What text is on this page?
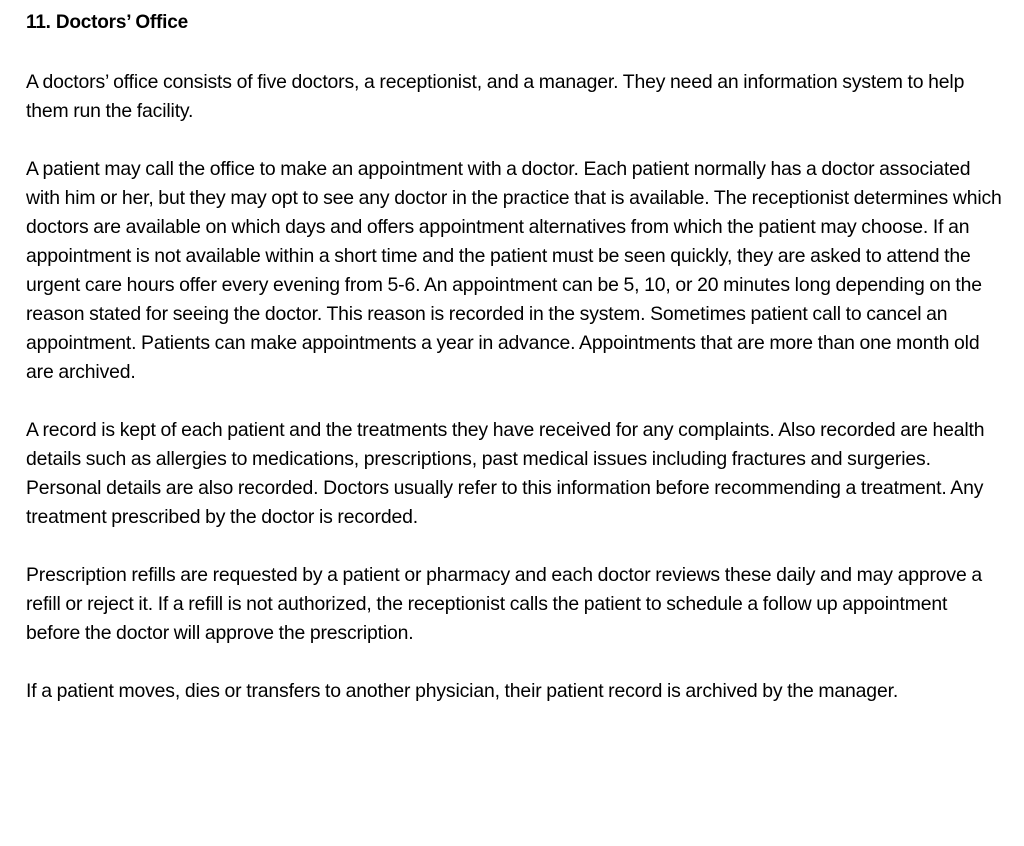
11. Doctors’ Office

A doctors’ office consists of five doctors, a receptionist, and a manager. They need an information system to help them run the facility.

A patient may call the office to make an appointment with a doctor. Each patient normally has a doctor associated with him or her, but they may opt to see any doctor in the practice that is available. The receptionist determines which doctors are available on which days and offers appointment alternatives from which the patient may choose. If an appointment is not available within a short time and the patient must be seen quickly, they are asked to attend the urgent care hours offer every evening from 5-6. An appointment can be 5, 10, or 20 minutes long depending on the reason stated for seeing the doctor. This reason is recorded in the system. Sometimes patient call to cancel an appointment. Patients can make appointments a year in advance. Appointments that are more than one month old are archived.

A record is kept of each patient and the treatments they have received for any complaints. Also recorded are health details such as allergies to medications, prescriptions, past medical issues including fractures and surgeries. Personal details are also recorded. Doctors usually refer to this information before recommending a treatment. Any treatment prescribed by the doctor is recorded.

Prescription refills are requested by a patient or pharmacy and each doctor reviews these daily and may approve a refill or reject it. If a refill is not authorized, the receptionist calls the patient to schedule a follow up appointment before the doctor will approve the prescription.

If a patient moves, dies or transfers to another physician, their patient record is archived by the manager.
